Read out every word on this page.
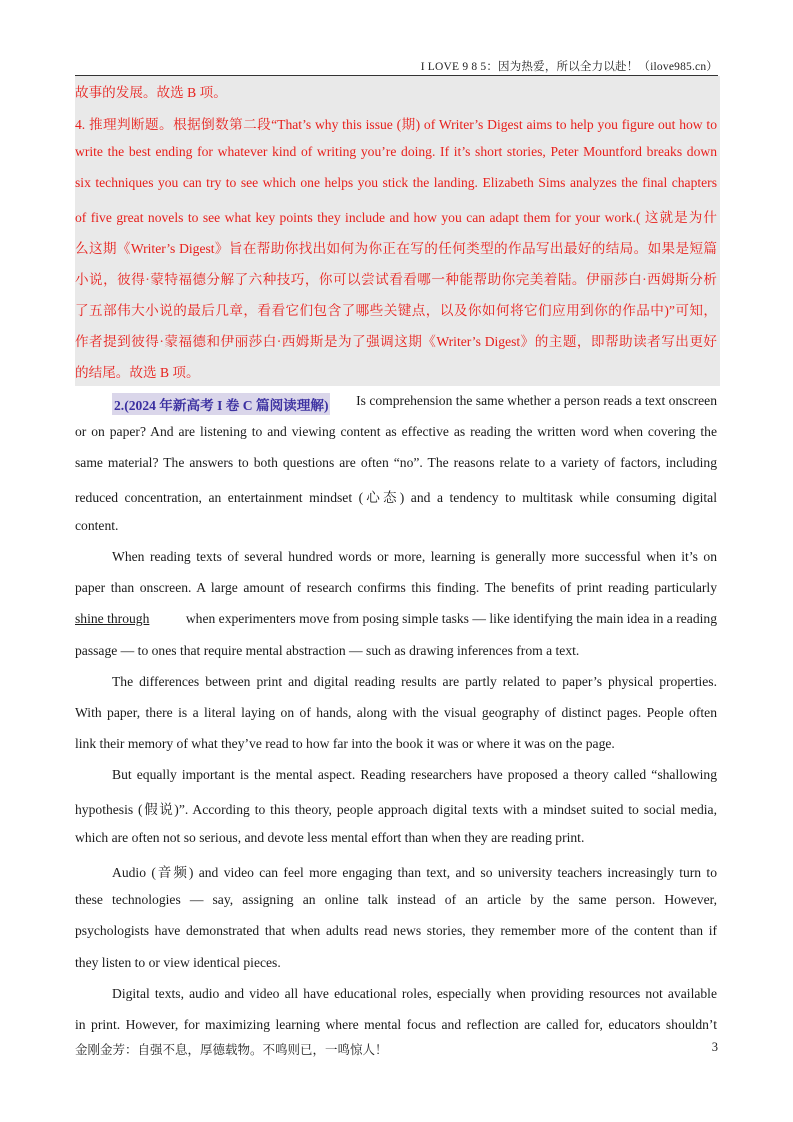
I LOVE 9 8 5：因为热爱，所以全力以赴！（ilove985.cn）
故事的发展。故选 B 项。
4. 推理判断题。根据倒数第二段“That’s why this issue (期) of Writer’s Digest aims to help you figure out how to
write the best ending for whatever kind of writing you’re doing. If it’s short stories, Peter Mountford breaks down
six techniques you can try to see which one helps you stick the landing. Elizabeth Sims analyzes the final chapters
of five great novels to see what key points they include and how you can adapt them for your work.( 这就是为什
么这期《Writer’s Digest》旨在帮助你找出如何为你正在写的任何类型的作品写出最好的结局。如果是短篇
小说，彼得·蒙特福德分解了六种技巧，你可以尝试看看哪一种能帮助你完美着陆。伊丽莎白·西姆斯分析
了五部伟大小说的最后几章，看看它们包含了哪些关键点，以及你如何将它们应用到你的作品中)”可知，
作者提到彼得·蒙福德和伊丽莎白·西姆斯是为了强调这期《Writer’s Digest》的主题，即帮助读者写出更好
的结尾。故选 B 项。
2.(2024 年新高考 I 卷 C 篇阅读理解) Is comprehension the same whether a person reads a text onscreen
or on paper? And are listening to and viewing content as effective as reading the written word when covering the
same material? The answers to both questions are often “no”. The reasons relate to a variety of factors, including
reduced concentration, an entertainment mindset (心态) and a tendency to multitask while consuming digital
content.
When reading texts of several hundred words or more, learning is generally more successful when it’s on
paper than onscreen. A large amount of research confirms this finding. The benefits of print reading particularly
shine through	when experimenters move from posing simple tasks — like identifying the main idea in a reading
passage — to ones that require mental abstraction — such as drawing inferences from a text.
The differences between print and digital reading results are partly related to paper’s physical properties.
With paper, there is a literal laying on of hands, along with the visual geography of distinct pages. People often
link their memory of what they’ve read to how far into the book it was or where it was on the page.
But equally important is the mental aspect. Reading researchers have proposed a theory called “shallowing
hypothesis (假说)”. According to this theory, people approach digital texts with a mindset suited to social media,
which are often not so serious, and devote less mental effort than when they are reading print.
Audio (音频) and video can feel more engaging than text, and so university teachers increasingly turn to
these technologies — say, assigning an online talk instead of an article by the same person. However,
psychologists have demonstrated that when adults read news stories, they remember more of the content than if
they listen to or view identical pieces.
Digital texts, audio and video all have educational roles, especially when providing resources not available
in print. However, for maximizing learning where mental focus and reflection are called for, educators shouldn’t
金刚金芳：自强不息，厚德载物。不鸣则已，一鸣惊人！	3
